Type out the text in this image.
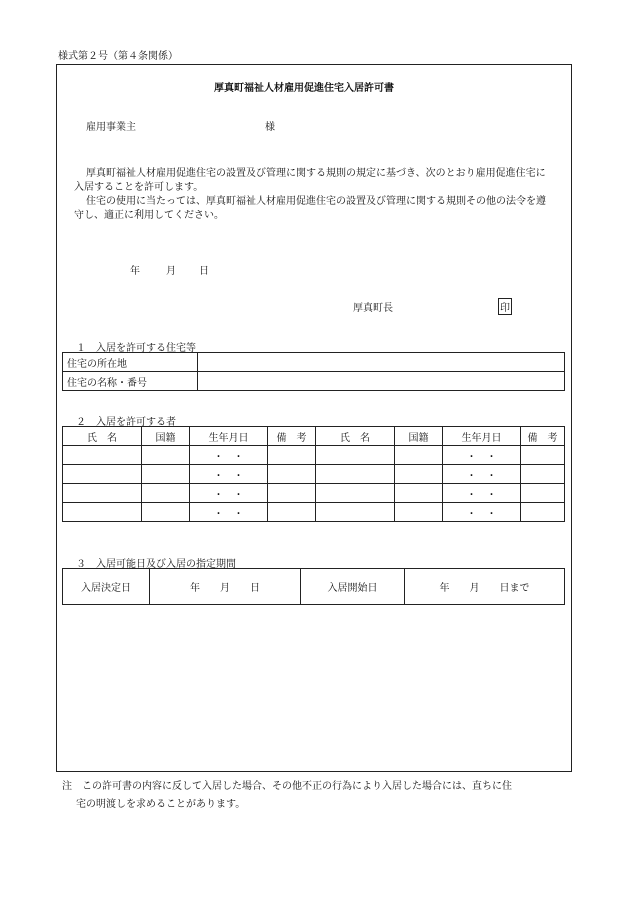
様式第２号（第４条関係）
厚真町福祉人材雇用促進住宅入居許可書
雇用事業主	様
厚真町福祉人材雇用促進住宅の設置及び管理に関する規則の規定に基づき、次のとおり雇用促進住宅に入居することを許可します。
住宅の使用に当たっては、厚真町福祉人材雇用促進住宅の設置及び管理に関する規則その他の法令を遵守し、適正に利用してください。
年	月 日
厚真町長	印
１　入居を許可する住宅等
住宅の所在地	
住宅の名称・番号	
２　入居を許可する者
氏　名	国籍	生年月日	備　考	氏　名	国籍	生年月日	備　考
		・　・				・　・	
		・　・				・　・	
		・　・				・　・	
		・　・				・　・	
３　入居可能日及び入居の指定期間
入居決定日	年　　月　　日	入居開始日	年　　月　　日まで
注　この許可書の内容に反して入居した場合、その他不正の行為により入居した場合には、直ちに住
宅の明渡しを求めることがあります。
